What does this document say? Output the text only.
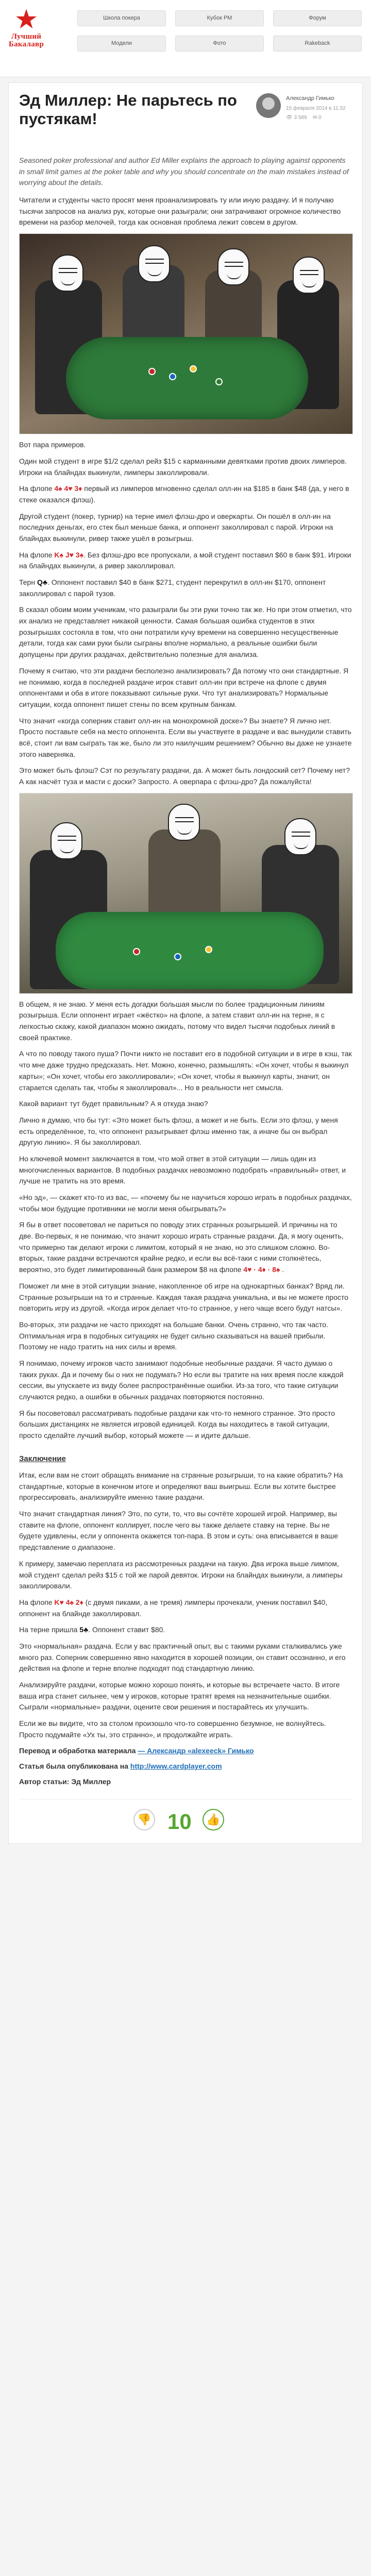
★
Лучший
Бакалавр
Школа покера	Кубок РМ	Форум
Модели	Фото	Rakeback
Эд Миллер: Не парьтесь по пустякам!
Александр Гимько
15 февраля 2014 в 11:32
👁 3 589 ✉ 0

Seasoned poker professional and author Ed Miller explains the approach to playing against opponents in small limit games at the poker table and why you should concentrate on the main mistakes instead of worrying about the details.

Читатели и студенты часто просят меня проанализировать ту или иную раздачу. И я получаю тысячи запросов на анализ рук, которые они разыграли; они затрачивают огромное количество времени на разбор мелочей, тогда как основная проблема лежит совсем в другом.

Вот пара примеров.

Один мой студент в игре $1/2 сделал рейз $15 с карманными девятками против двоих лимперов. Игроки на блайндах выкинули, лимперы заколлировали.

На флопе 4♠ 4♥ 3♦ первый из лимперов мгновенно сделал олл-ин на $185 в банк $48 (да, у него в стеке оказался флэш).

Другой студент (покер, турнир) на терне имел флэш-дро и оверкарты. Он пошёл в олл-ин на последних деньгах, его стек был меньше банка, и оппонент заколлировал с парой. Игроки на блайндах выкинули, ривер также ушёл в розыгрыш.

На флопе K♠ J♥ 3♠. Без флэш-дро все пропускали, а мой студент поставил $60 в банк $91. Игроки на блайндах выкинули, а ривер заколлировал.

Терн Q♣. Оппонент поставил $40 в банк $271, студент перекрутил в олл-ин $170, оппонент заколлировал с парой тузов.

В сказал обоим моим ученикам, что разыграли бы эти руки точно так же. Но при этом отметил, что их анализ не представляет никакой ценности. Самая большая ошибка студентов в этих розыгрышах состояла в том, что они потратили кучу времени на совершенно несущественные детали, тогда как сами руки были сыграны вполне нормально, а реальные ошибки были допущены при других раздачах, действительно полезные для анализа.

Почему я считаю, что эти раздачи бесполезно анализировать? Да потому что они стандартные. Я не понимаю, когда в последней раздаче игрок ставит олл-ин при встрече на флопе с двумя оппонентами и оба в итоге показывают сильные руки. Что тут анализировать? Нормальные ситуации, когда оппонент пишет стены по всем крупным банкам.

Что значит «когда соперник ставит олл-ин на монохромной доске»? Вы знаете? Я лично нет. Просто поставьте себя на место оппонента. Если вы участвуете в раздаче и вас вынудили ставить всё, стоит ли вам сыграть так же, было ли это наилучшим решением? Обычно вы даже не узнаете этого наверняка.

Это может быть флэш? Сэт по результату раздачи, да. А может быть лондоский сет? Почему нет? А как насчёт туза и масти с доски? Запросто. А оверпара с флэш-дро? Да пожалуйста!

В общем, я не знаю. У меня есть догадки большая мысли по более традиционным линиям розыгрыша. Если оппонент играет «жёстко» на флопе, а затем ставит олл-ин на терне, я с легкостью скажу, какой диапазон можно ожидать, потому что видел тысячи подобных линий в своей практике.

А что по поводу такого пуша? Почти никто не поставит его в подобной ситуации и в игре в кэш, так что мне даже трудно предсказать. Нет. Можно, конечно, размышлять: «Он хочет, чтобы я выкинул карты»; «Он хочет, чтобы его заколлировали»; «Он хочет, чтобы я выкинул карты, значит, он старается сделать так, чтобы я заколлировал»... Но в реальности нет смысла.

Какой вариант тут будет правильным? А я откуда знаю?

Лично я думаю, что бы тут: «Это может быть флэш, а может и не быть. Если это флэш, у меня есть определённое, то, что оппонент разыгрывает флэш именно так, а иначе бы он выбрал другую линию». Я бы заколлировал.

Но ключевой момент заключается в том, что мой ответ в этой ситуации — лишь один из многочисленных вариантов. В подобных раздачах невозможно подобрать «правильный» ответ, и лучше не тратить на это время.

«Но эд», — скажет кто-то из вас, — «почему бы не научиться хорошо играть в подобных раздачах, чтобы мои будущие противники не могли меня обыгрывать?»

Я бы в ответ посоветовал не париться по поводу этих странных розыгрышей. И причины на то две. Во-первых, я не понимаю, что значит хорошо играть странные раздачи. Да, я могу оценить, что примерно так делают игроки с лимитом, который я не знаю, но это слишком сложно. Во-вторых, такие раздачи встречаются крайне редко, и если вы всё-таки с ними столкнётесь, вероятно, это будет лимитированный банк размером $8 на флопе 4♥ · 4♦ · 8♠ .

Поможет ли мне в этой ситуации знание, накопленное об игре на однокартных банках? Вряд ли. Странные розыгрыши на то и странные. Каждая такая раздача уникальна, и вы не можете просто повторить игру из другой. «Когда игрок делает что-то странное, у него чаще всего будут натсы».

Во-вторых, эти раздачи не часто приходят на большие банки. Очень странно, что так часто. Оптимальная игра в подобных ситуациях не будет сильно сказываться на вашей прибыли. Поэтому не надо тратить на них силы и время.

Я понимаю, почему игроков часто занимают подобные необычные раздачи. Я часто думаю о таких руках. Да и почему бы о них не подумать? Но если вы тратите на них время после каждой сессии, вы упускаете из виду более распространённые ошибки. Из-за того, что такие ситуации случаются редко, а ошибки в обычных раздачах повторяются постоянно.

Я бы посоветовал рассматривать подобные раздачи как что-то немного странное. Это просто больших дистанциях не является игровой единицей. Когда вы находитесь в такой ситуации, просто сделайте лучший выбор, который можете — и идите дальше.

Заключение

Итак, если вам не стоит обращать внимание на странные розыгрыши, то на какие обратить? На стандартные, которые в конечном итоге и определяют ваш выигрыш. Если вы хотите быстрее прогрессировать, анализируйте именно такие раздачи.

Что значит стандартная линия? Это, по сути, то, что вы сочтёте хорошей игрой. Например, вы ставите на флопе, оппонент коллирует, после чего вы также делаете ставку на терне. Вы не будете удивлены, если у оппонента окажется топ-пара. В этом и суть: она вписывается в ваше представление о диапазоне.

К примеру, замечаю переплата из рассмотренных раздачи на такую. Два игрока выше лимпом, мой студент сделал рейз $15 с той же парой девяток. Игроки на блайндах выкинули, а лимперы заколлировали.

На флопе K♥ 4♠ 2♦ (с двумя пиками, а не тремя) лимперы прочекали, ученик поставил $40, оппонент на блайнде заколлировал.

На терне пришла 5♣. Оппонент ставит $80.

Это «нормальная» раздача. Если у вас практичный опыт, вы с такими руками сталкивались уже много раз. Соперник совершенно явно находится в хорошей позиции, он ставит осознанно, и его действия на флопе и терне вполне подходят под стандартную линию.

Анализируйте раздачи, которые можно хорошо понять, и которые вы встречаете часто. В итоге ваша игра станет сильнее, чем у игроков, которые тратят время на незначительные ошибки. Сыграли «нормальные» раздачи, оцените свои решения и постарайтесь их улучшить.

Если же вы видите, что за столом произошло что-то совершенно безумное, не волнуйтесь. Просто подумайте «Ух ты, это странно», и продолжайте играть.

Перевод и обработка материала — Александр «alexeeck» Гимько

Статья была опубликована на http://www.cardplayer.com

Автор статьи: Эд Миллер

👎 10	👍
